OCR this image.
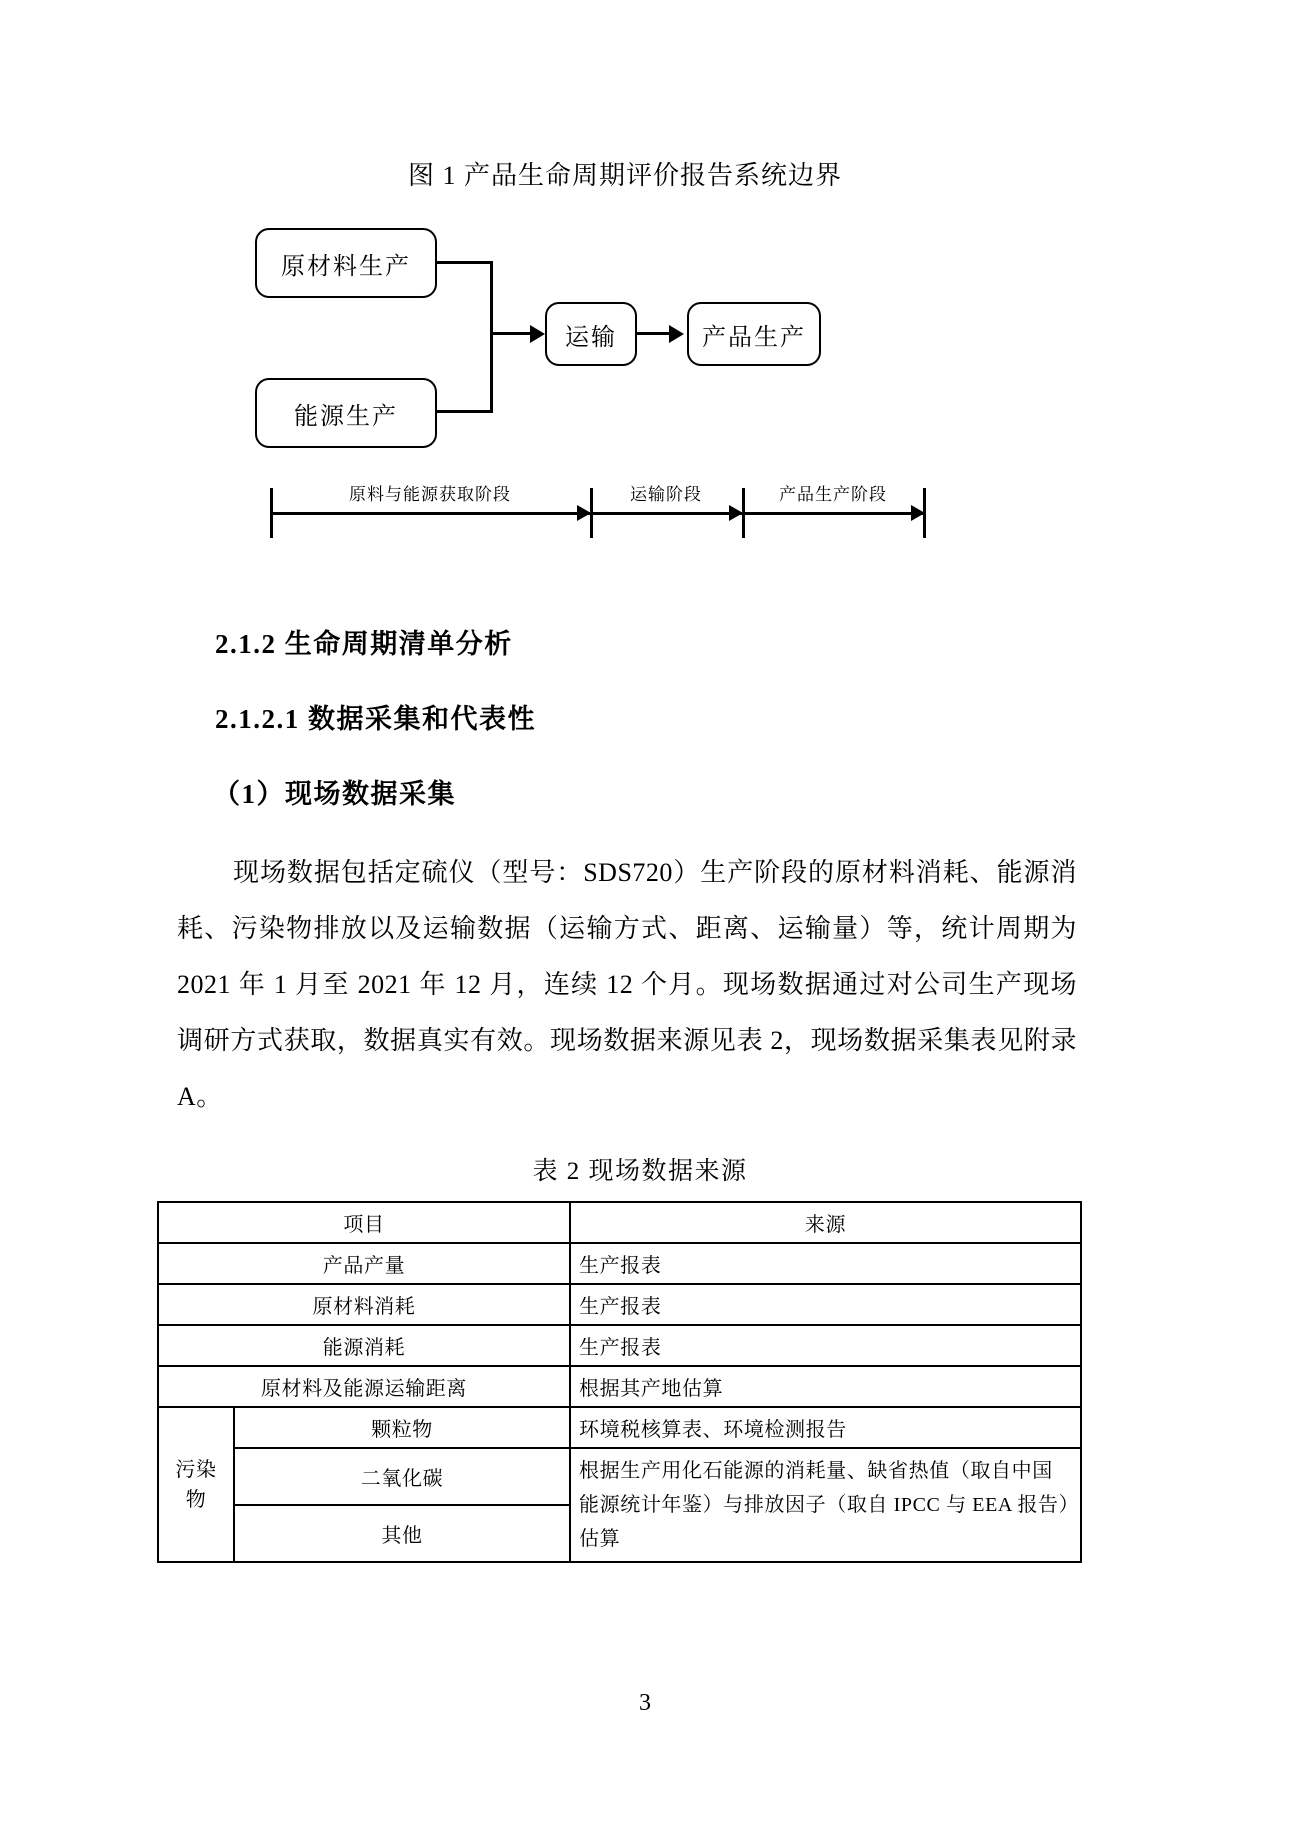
图 1 产品生命周期评价报告系统边界
原材料生产
能源生产
运输	产品生产
原料与能源获取阶段	运输阶段	产品生产阶段
2.1.2 生命周期清单分析
2.1.2.1 数据采集和代表性
（1）现场数据采集

现场数据包括定硫仪（型号：SDS720）生产阶段的原材料消耗、能源消耗、污染物排放以及运输数据（运输方式、距离、运输量）等，统计周期为 2021 年 1 月至 2021 年 12 月，连续 12 个月。现场数据通过对公司生产现场调研方式获取，数据真实有效。现场数据来源见表 2，现场数据采集表见附录 A。

表 2 现场数据来源
项目		来源
产品产量		生产报表
原材料消耗		生产报表
能源消耗		生产报表
原材料及能源运输距离		根据其产地估算
污染物	颗粒物	环境税核算表、环境检测报告
	二氧化碳	根据生产用化石能源的消耗量、缺省热值（取自中国能源统计年鉴）与排放因子（取自 IPCC 与 EEA 报告）估算
	其他	
3
